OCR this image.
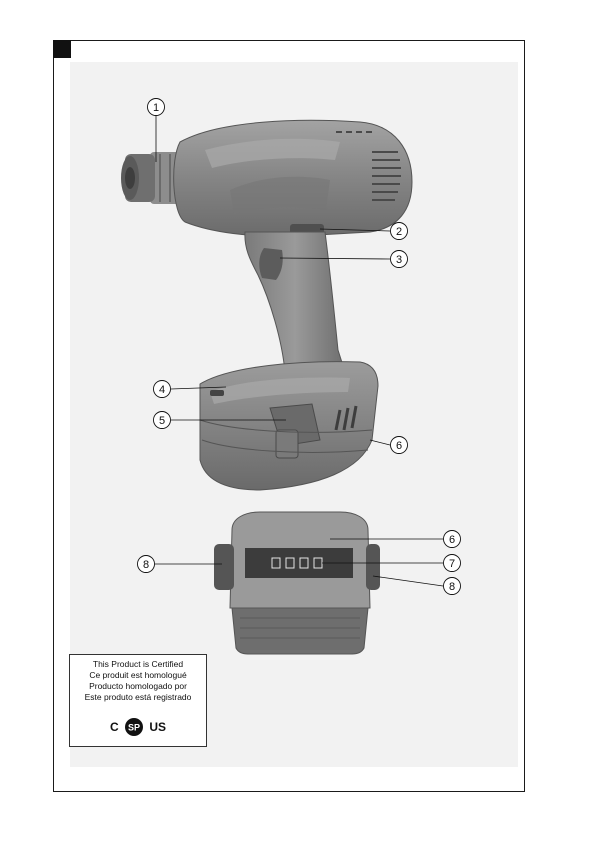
1
2
3
4
5
6
6
7
8
8
This Product is Certified
Ce produit est homologué
Producto homologado por
Este produto está registrado
C SP US
